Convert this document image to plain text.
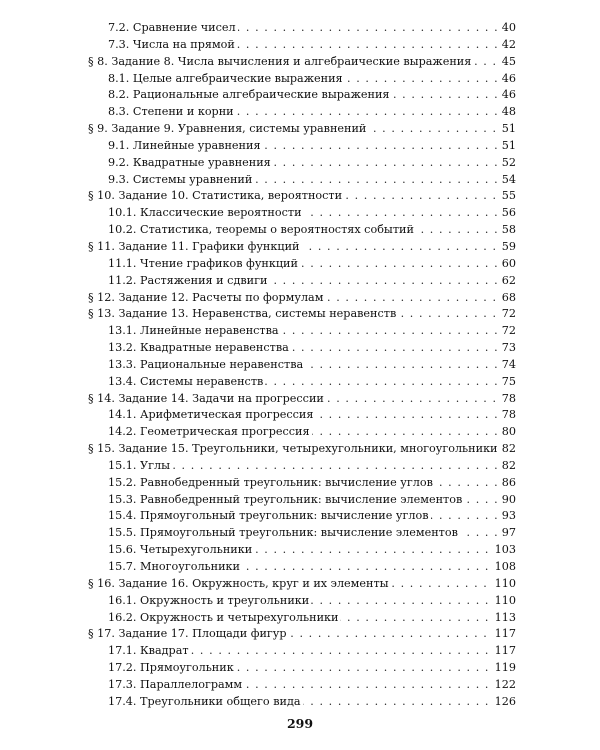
. . .
7.2. Сравнение чисел	40
. . .
7.3. Числа на прямой	42
. . .
§ 8. Задание 8. Числа вычисления и алгебраические выражения	45
. . .
8.1. Целые алгебраические выражения	46
. . .
8.2. Рациональные алгебраические выражения	46
. . .
8.3. Степени и корни	48
. . .
§ 9. Задание 9. Уравнения, системы уравнений	51
. . .
9.1. Линейные уравнения	51
. . .
9.2. Квадратные уравнения	52
. . .
9.3. Системы уравнений	54
. . .
§ 10. Задание 10. Статистика, вероятности	55
. . .
10.1. Классические вероятности	56
. . .
10.2. Статистика, теоремы о вероятностях событий	58
. . .
§ 11. Задание 11. Графики функций	59
. . .
11.1. Чтение графиков функций	60
. . .
11.2. Растяжения и сдвиги	62
. . .
§ 12. Задание 12. Расчеты по формулам	68
. . .
§ 13. Задание 13. Неравенства, системы неравенств	72
. . .
13.1. Линейные неравенства	72
. . .
13.2. Квадратные неравенства	73
. . .
13.3. Рациональные неравенства	74
. . .
13.4. Системы неравенств	75
. . .
§ 14. Задание 14. Задачи на прогрессии	78
. . .
14.1. Арифметическая прогрессия	78
. . .
14.2. Геометрическая прогрессия	80
. . .
§ 15. Задание 15. Треугольники, четырехугольники, многоугольники 82
. . .
15.1. Углы	82
. . .
15.2. Равнобедренный треугольник: вычисление углов	86
. . .
15.3. Равнобедренный треугольник: вычисление элементов	90
. . .
15.4. Прямоугольный треугольник: вычисление углов	93
. . .
15.5. Прямоугольный треугольник: вычисление элементов	97
. . .
15.6. Четырехугольники	103
. . .
15.7. Многоугольники	108
. . .
§ 16. Задание 16. Окружность, круг и их элементы	110
. . .
16.1. Окружность и треугольники	110
. . .
16.2. Окружность и четырехугольники	113
. . .
§ 17. Задание 17. Площади фигур	117
. . .
17.1. Квадрат	117
. . .
17.2. Прямоугольник	119
. . .
17.3. Параллелограмм	122
. . .
17.4. Треугольники общего вида	126
299
